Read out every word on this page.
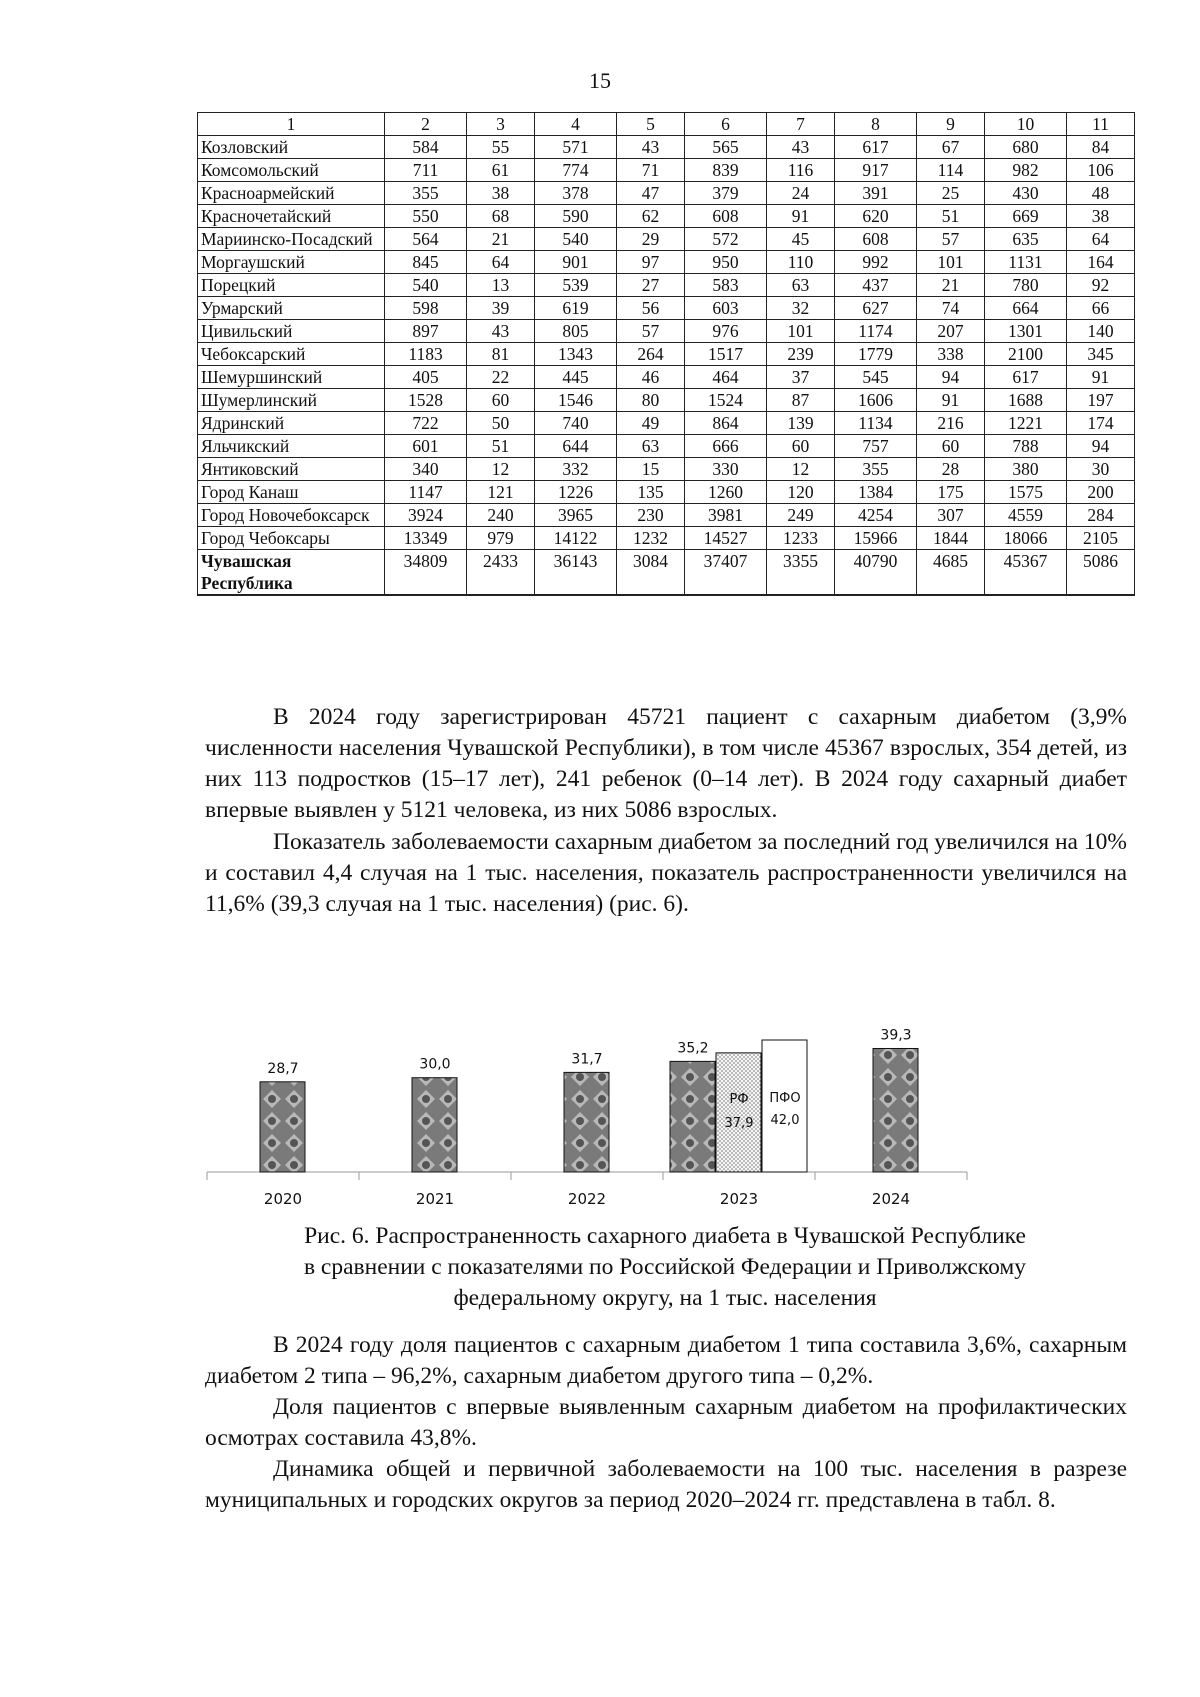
15
1	2	3	4	5	6	7	8	9	10	11
Козловский	584	55	571	43	565	43	617	67	680	84
Комсомольский	711	61	774	71	839	116	917	114	982	106
Красноармейский	355	38	378	47	379	24	391	25	430	48
Красночетайский	550	68	590	62	608	91	620	51	669	38
Мариинско-Посадский	564	21	540	29	572	45	608	57	635	64
Моргаушский	845	64	901	97	950	110	992	101	1131	164
Порецкий	540	13	539	27	583	63	437	21	780	92
Урмарский	598	39	619	56	603	32	627	74	664	66
Цивильский	897	43	805	57	976	101	1174	207	1301	140
Чебоксарский	1183	81	1343	264	1517	239	1779	338	2100	345
Шемуршинский	405	22	445	46	464	37	545	94	617	91
Шумерлинский	1528	60	1546	80	1524	87	1606	91	1688	197
Ядринский	722	50	740	49	864	139	1134	216	1221	174
Яльчикский	601	51	644	63	666	60	757	60	788	94
Янтиковский	340	12	332	15	330	12	355	28	380	30
Город Канаш	1147	121	1226	135	1260	120	1384	175	1575	200
Город Новочебоксарск	3924	240	3965	230	3981	249	4254	307	4559	284
Город Чебоксары	13349	979	14122	1232	14527	1233	15966	1844	18066	2105
Чувашская Республика	34809	2433	36143	3084	37407	3355	40790	4685	45367	5086

В 2024 году зарегистрирован 45721 пациент с сахарным диабетом (3,9% численности населения Чувашской Республики), в том числе 45367 взрослых, 354 детей, из них 113 подростков (15–17 лет), 241 ребенок (0–14 лет). В 2024 году сахарный диабет впервые выявлен у 5121 человека, из них 5086 взрослых.

Показатель заболеваемости сахарным диабетом за последний год увеличился на 10% и составил 4,4 случая на 1 тыс. населения, показатель распространенности увеличился на 11,6% (39,3 случая на 1 тыс. населения) (рис. 6).

2020	2021	2022	2023	2024
28,7	30,0	31,7
35,2
РФ
37,9
ПФО
42,0
39,3

Рис. 6. Распространенность сахарного диабета в Чувашской Республике
в сравнении с показателями по Российской Федерации и Приволжскому
федеральному округу, на 1 тыс. населения

В 2024 году доля пациентов с сахарным диабетом 1 типа составила 3,6%, сахарным диабетом 2 типа – 96,2%, сахарным диабетом другого типа – 0,2%.

Доля пациентов с впервые выявленным сахарным диабетом на профилактических осмотрах составила 43,8%.

Динамика общей и первичной заболеваемости на 100 тыс. населения в разрезе муниципальных и городских округов за период 2020–2024 гг. представлена в табл. 8.
